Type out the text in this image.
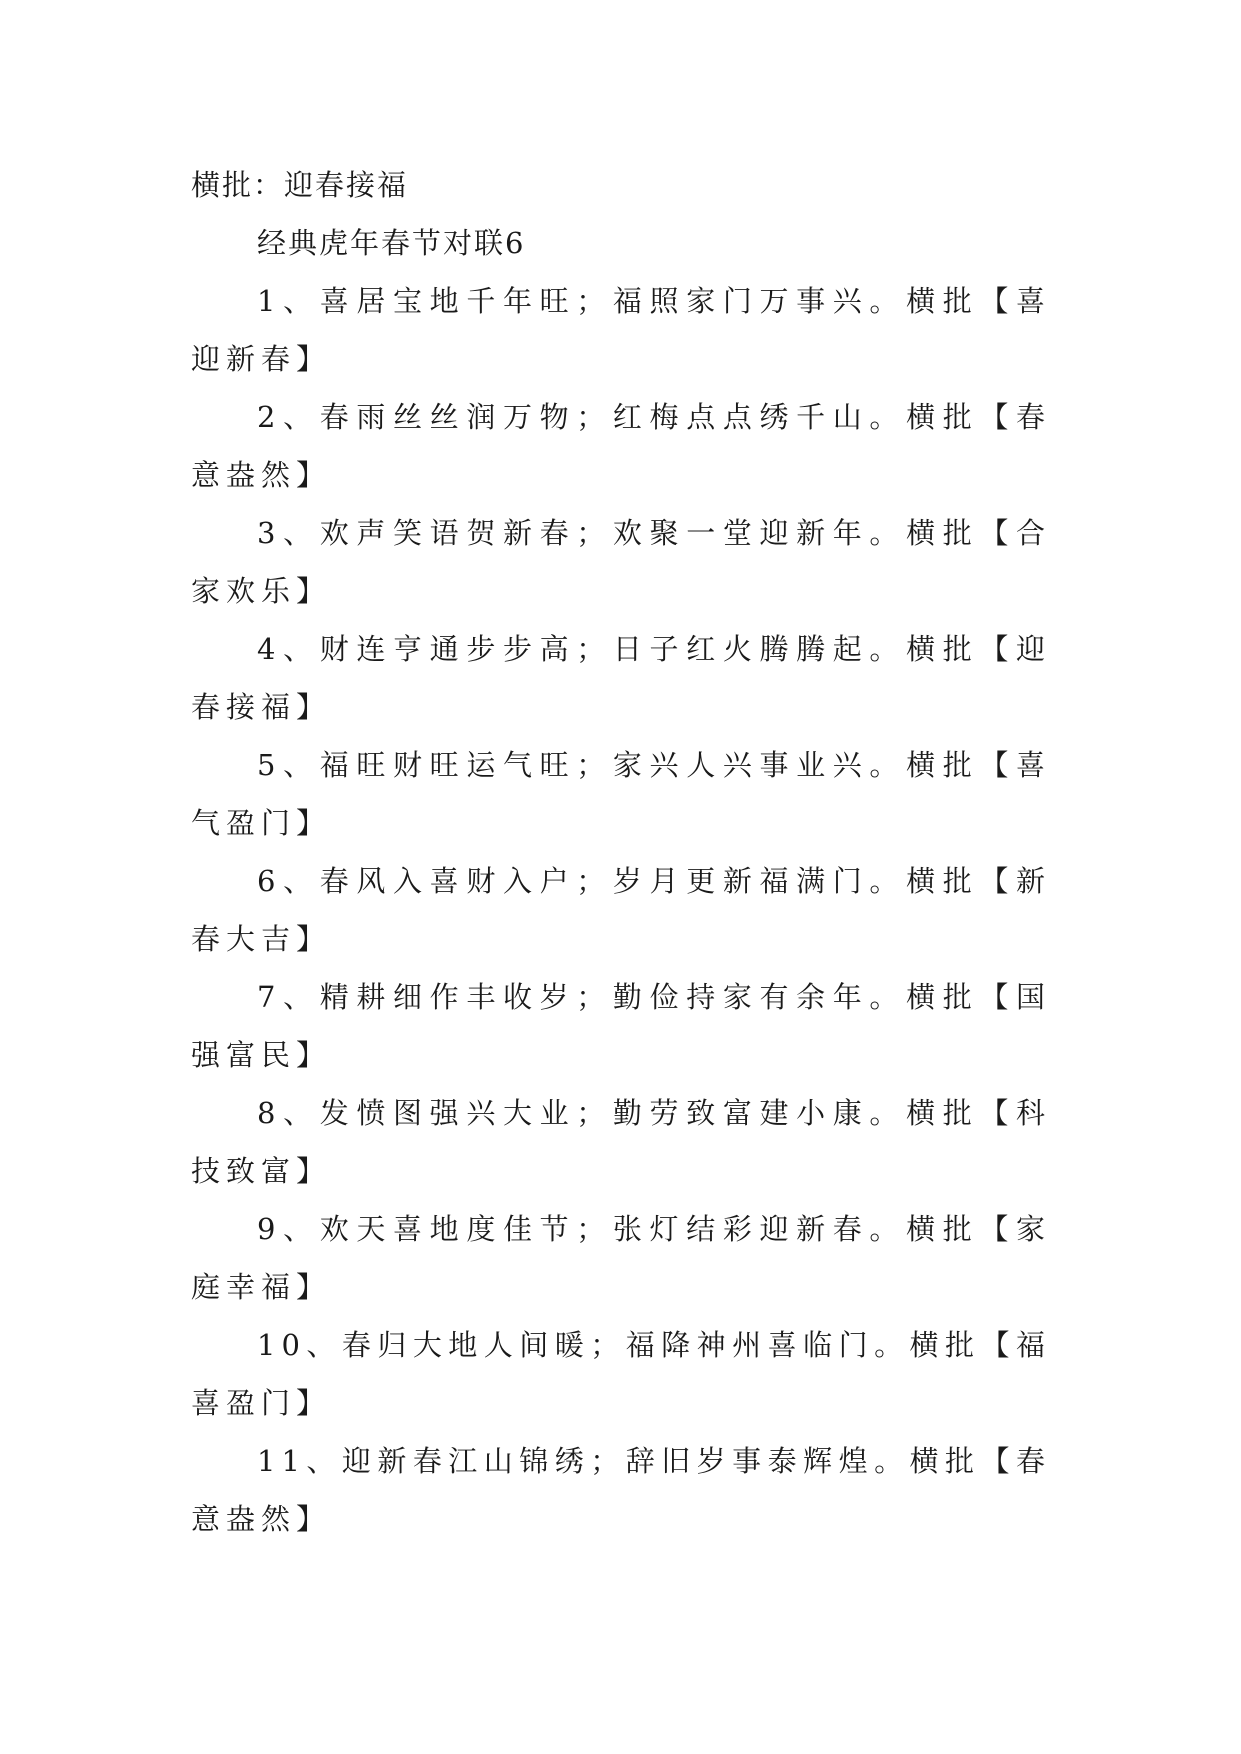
横批：迎春接福

经典虎年春节对联6

1、喜居宝地千年旺；福照家门万事兴。横批【喜迎新春】

2、春雨丝丝润万物；红梅点点绣千山。横批【春意盎然】

3、欢声笑语贺新春；欢聚一堂迎新年。横批【合家欢乐】

4、财连亨通步步高；日子红火腾腾起。横批【迎春接福】

5、福旺财旺运气旺；家兴人兴事业兴。横批【喜气盈门】

6、春风入喜财入户；岁月更新福满门。横批【新春大吉】

7、精耕细作丰收岁；勤俭持家有余年。横批【国强富民】

8、发愤图强兴大业；勤劳致富建小康。横批【科技致富】

9、欢天喜地度佳节；张灯结彩迎新春。横批【家庭幸福】

10、春归大地人间暖；福降神州喜临门。横批【福喜盈门】

11、迎新春江山锦绣；辞旧岁事泰辉煌。横批【春意盎然】
